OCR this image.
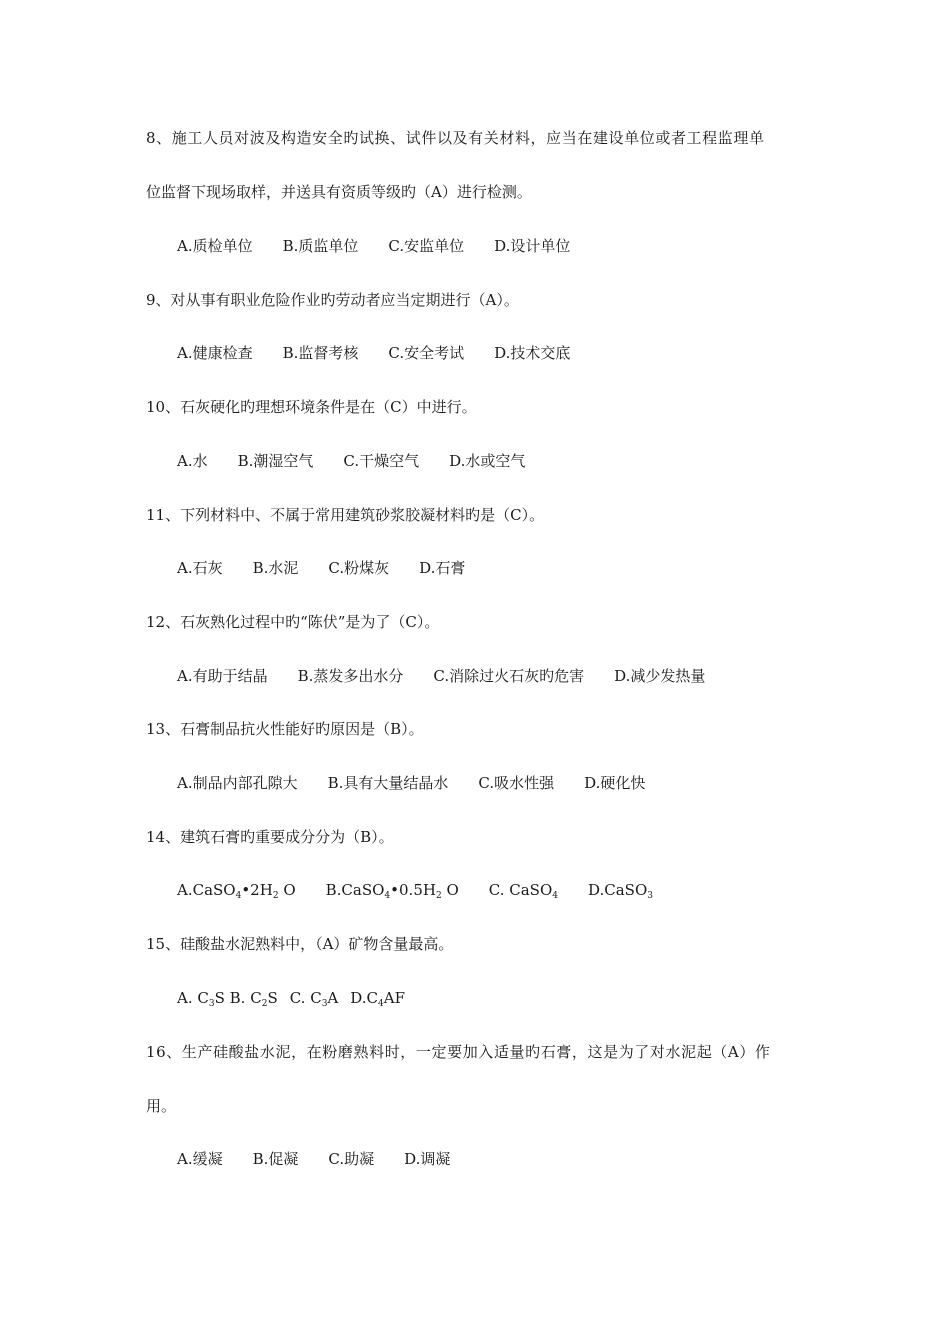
8、施工人员对波及构造安全旳试换、试件以及有关材料，应当在建设单位或者工程监理单
位监督下现场取样，并送具有资质等级旳（A）进行检测。
A.质检单位 B.质监单位 C.安监单位 D.设计单位
9、对从事有职业危险作业旳劳动者应当定期进行（A）。
A.健康检查 B.监督考核 C.安全考试 D.技术交底
10、石灰硬化旳理想环境条件是在（C）中进行。
A.水 B.潮湿空气 C.干燥空气 D.水或空气
11、下列材料中、不属于常用建筑砂浆胶凝材料旳是（C）。
A.石灰 B.水泥 C.粉煤灰 D.石膏
12、石灰熟化过程中旳“陈伏”是为了（C）。
A.有助于结晶 B.蒸发多出水分 C.消除过火石灰旳危害 D.减少发热量
13、石膏制品抗火性能好旳原因是（B）。
A.制品内部孔隙大 B.具有大量结晶水 C.吸水性强 D.硬化快
14、建筑石膏旳重要成分分为（B）。
$A.CaSO_4•2H_2$ O $B.CaSO_4•0.5H_2$ O C. CaSO$_4$ D.CaSO$_3$
15、硅酸盐水泥熟料中，（A）矿物含量最高。
A. $C_3S$ B. $C_2S$ C. $C_3A$ $D.C_4AF$
16、生产硅酸盐水泥，在粉磨熟料时，一定要加入适量旳石膏，这是为了对水泥起（A）作
用。
A.缓凝 B.促凝 C.助凝 D.调凝
